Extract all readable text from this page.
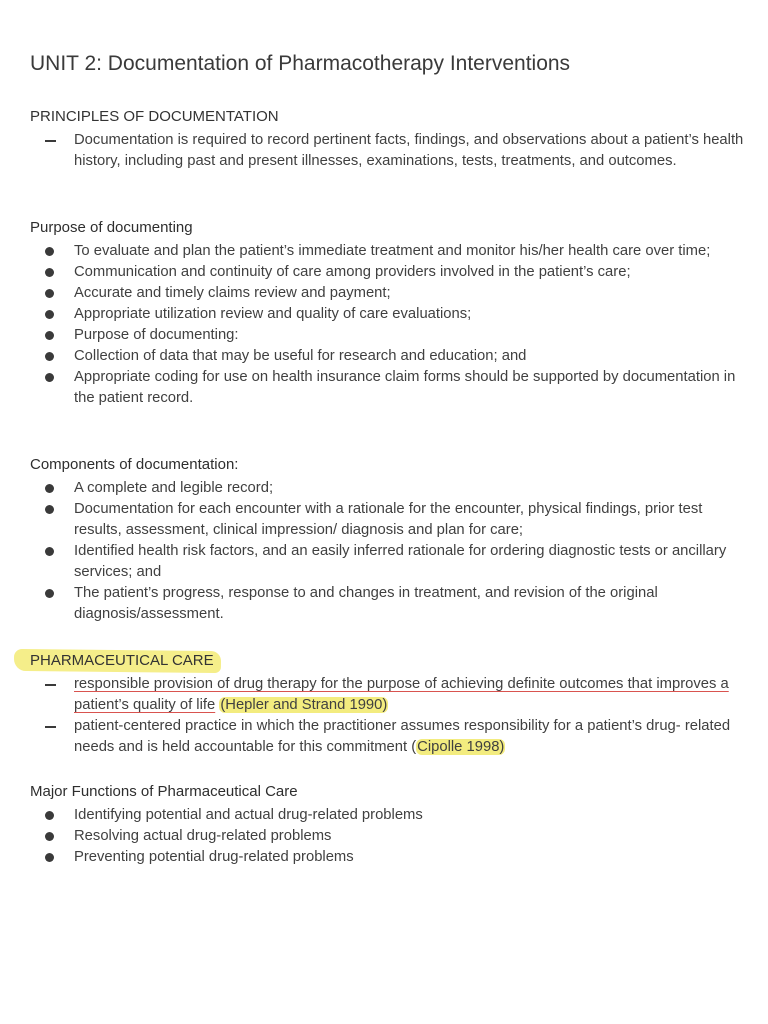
UNIT 2: Documentation of Pharmacotherapy Interventions
PRINCIPLES OF DOCUMENTATION
Documentation is required to record pertinent facts, findings, and observations about a patient’s health history, including past and present illnesses, examinations, tests, treatments, and outcomes.
Purpose of documenting
To evaluate and plan the patient’s immediate treatment and monitor his/her health care over time;
Communication and continuity of care among providers involved in the patient’s care;
Accurate and timely claims review and payment;
Appropriate utilization review and quality of care evaluations;
Purpose of documenting:
Collection of data that may be useful for research and education; and
Appropriate coding for use on health insurance claim forms should be supported by documentation in the patient record.
Components of documentation:
A complete and legible record;
Documentation for each encounter with a rationale for the encounter, physical findings, prior test results, assessment, clinical impression/ diagnosis and plan for care;
Identified health risk factors, and an easily inferred rationale for ordering diagnostic tests or ancillary services; and
The patient’s progress, response to and changes in treatment, and revision of the original diagnosis/assessment.
PHARMACEUTICAL CARE
responsible provision of drug therapy for the purpose of achieving definite outcomes that improves a patient’s quality of life (Hepler and Strand 1990)
patient-centered practice in which the practitioner assumes responsibility for a patient’s drug- related needs and is held accountable for this commitment (Cipolle 1998)
Major Functions of Pharmaceutical Care
Identifying potential and actual drug-related problems
Resolving actual drug-related problems
Preventing potential drug-related problems
